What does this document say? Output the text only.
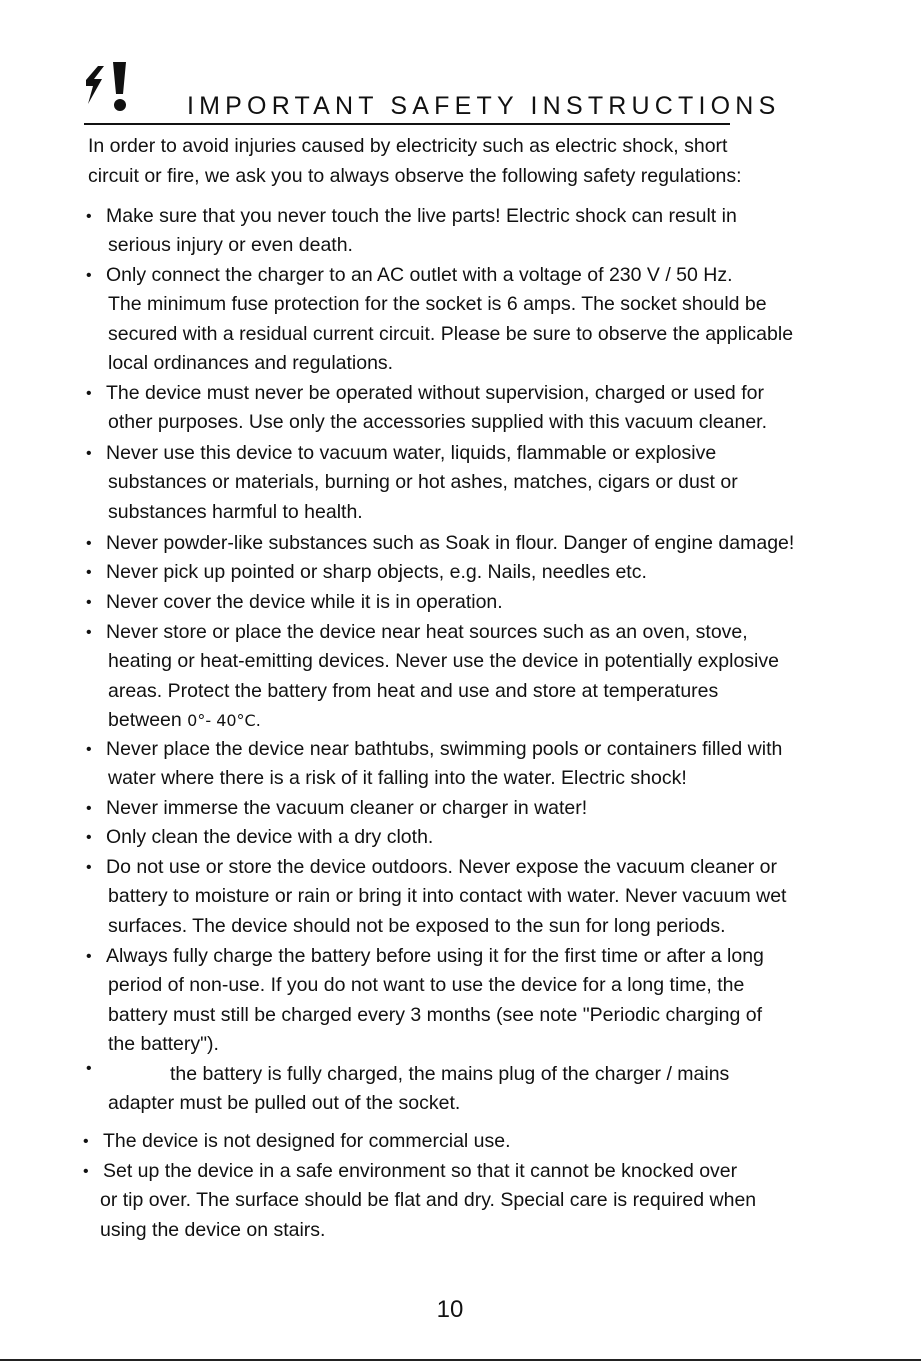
IMPORTANT SAFETY INSTRUCTIONS
In order to avoid injuries caused by electricity such as electric shock, short
circuit or fire, we ask you to always observe the following safety regulations:
• Make sure that you never touch the live parts! Electric shock can result in
serious injury or even death.
• Only connect the charger to an AC outlet with a voltage of 230 V / 50 Hz.
The minimum fuse protection for the socket is 6 amps. The socket should be
secured with a residual current circuit. Please be sure to observe the applicable
local ordinances and regulations.
• The device must never be operated without supervision, charged or used for
other purposes. Use only the accessories supplied with this vacuum cleaner.
• Never use this device to vacuum water, liquids, flammable or explosive
substances or materials, burning or hot ashes, matches, cigars or dust or
substances harmful to health.
• Never powder-like substances such as Soak in flour. Danger of engine damage!
• Never pick up pointed or sharp objects, e.g. Nails, needles etc.
• Never cover the device while it is in operation.
• Never store or place the device near heat sources such as an oven, stove,
heating or heat-emitting devices. Never use the device in potentially explosive
areas. Protect the battery from heat and use and store at temperatures
between 0°- 40°C.
• Never place the device near bathtubs, swimming pools or containers filled with
water where there is a risk of it falling into the water. Electric shock!
• Never immerse the vacuum cleaner or charger in water!
• Only clean the device with a dry cloth.
• Do not use or store the device outdoors. Never expose the vacuum cleaner or
battery to moisture or rain or bring it into contact with water. Never vacuum wet
surfaces. The device should not be exposed to the sun for long periods.
• Always fully charge the battery before using it for the first time or after a long
period of non-use. If you do not want to use the device for a long time, the
battery must still be charged every 3 months (see note "Periodic charging of
the battery").
•	the battery is fully charged, the mains plug of the charger / mains
adapter must be pulled out of the socket.
• The device is not designed for commercial use.
• Set up the device in a safe environment so that it cannot be knocked over
or tip over. The surface should be flat and dry. Special care is required when
using the device on stairs.
10
